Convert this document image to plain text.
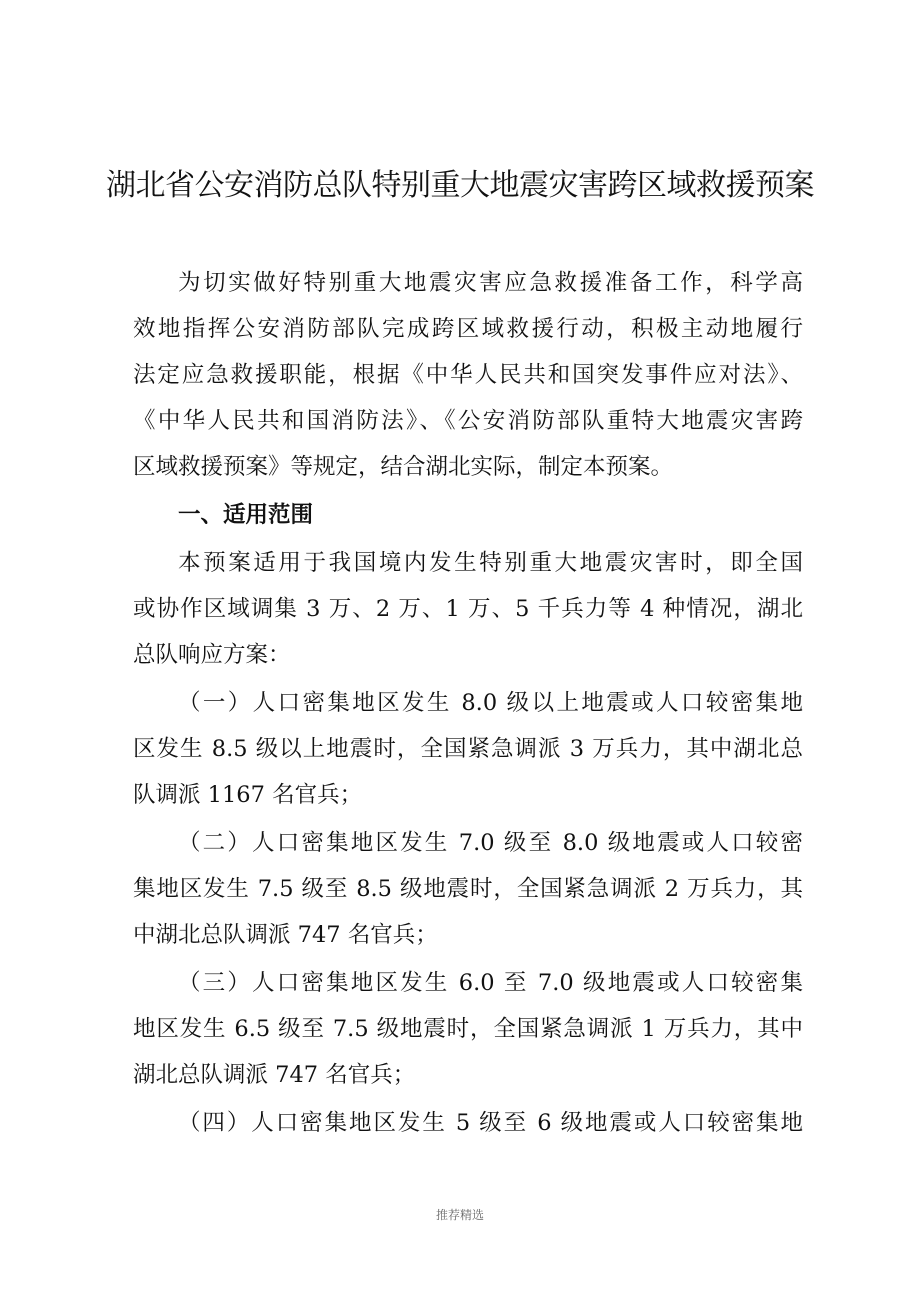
湖北省公安消防总队特别重大地震灾害跨区域救援预案
为切实做好特别重大地震灾害应急救援准备工作，科学高
效地指挥公安消防部队完成跨区域救援行动，积极主动地履行
法定应急救援职能，根据《中华人民共和国突发事件应对法》、
《中华人民共和国消防法》、《公安消防部队重特大地震灾害跨
区域救援预案》等规定，结合湖北实际，制定本预案。
一、适用范围
本预案适用于我国境内发生特别重大地震灾害时，即全国
或协作区域调集 3 万、2 万、1 万、5 千兵力等 4 种情况，湖北
总队响应方案：
（一）人口密集地区发生 8.0 级以上地震或人口较密集地
区发生 8.5 级以上地震时，全国紧急调派 3 万兵力，其中湖北总
队调派 1167 名官兵；
（二）人口密集地区发生 7.0 级至 8.0 级地震或人口较密
集地区发生 7.5 级至 8.5 级地震时，全国紧急调派 2 万兵力，其
中湖北总队调派 747 名官兵；
（三）人口密集地区发生 6.0 至 7.0 级地震或人口较密集
地区发生 6.5 级至 7.5 级地震时，全国紧急调派 1 万兵力，其中
湖北总队调派 747 名官兵；
（四）人口密集地区发生 5 级至 6 级地震或人口较密集地
推荐精选
